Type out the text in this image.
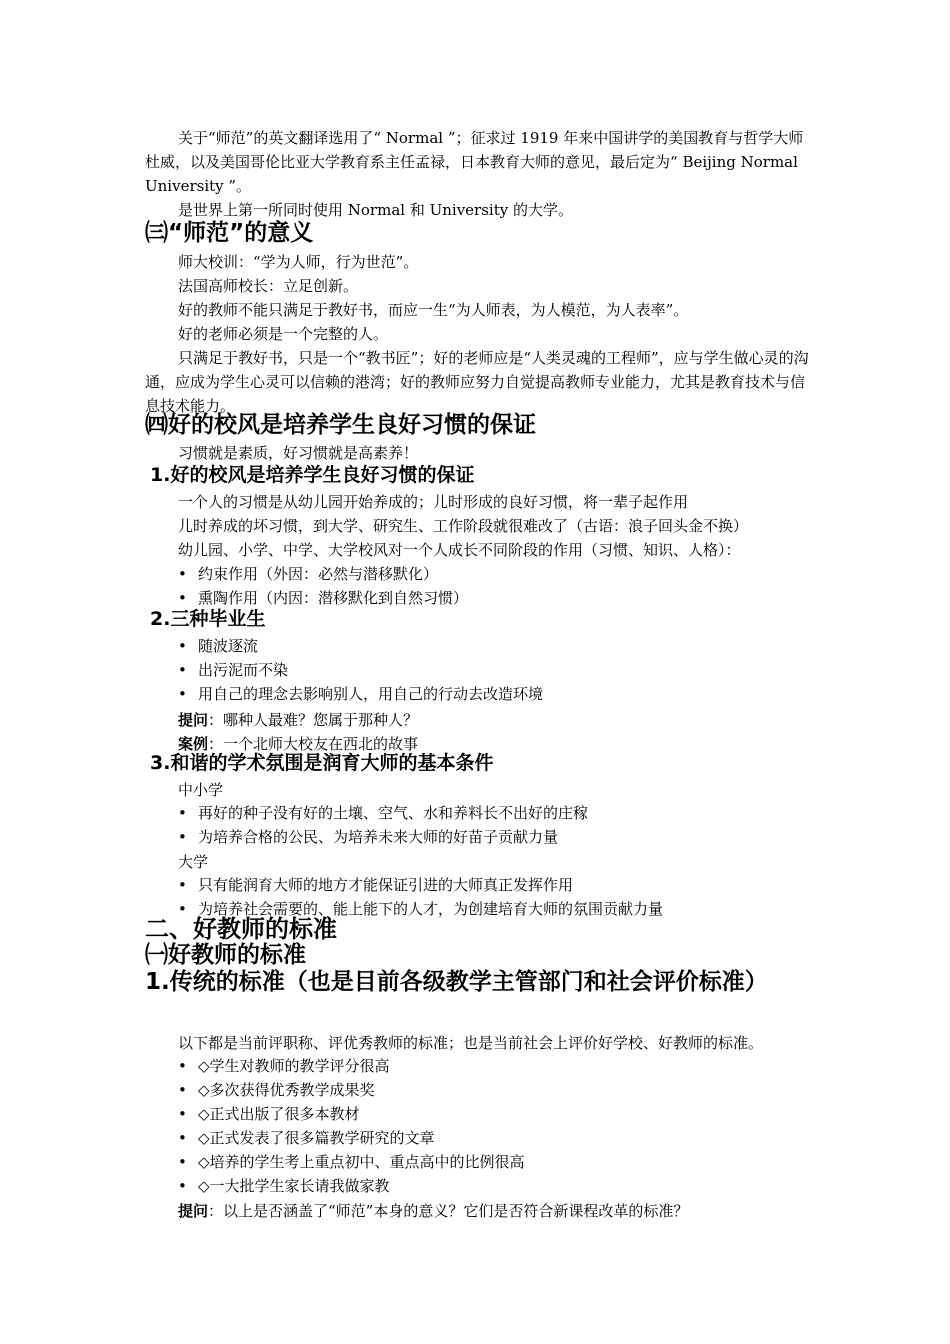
关于“师范”的英文翻译选用了“ Normal ”；征求过 1919 年来中国讲学的美国教育与哲学大师杜威，以及美国哥伦比亚大学教育系主任孟禄，日本教育大师的意见，最后定为“ Beijing Normal University ”。

是世界上第一所同时使用 Normal 和 University 的大学。

㈢“师范”的意义

师大校训：“学为人师，行为世范”。

法国高师校长：立足创新。

好的教师不能只满足于教好书，而应一生“为人师表，为人模范，为人表率”。

好的老师必须是一个完整的人。

只满足于教好书，只是一个“教书匠”；好的老师应是“人类灵魂的工程师”，应与学生做心灵的沟通，应成为学生心灵可以信赖的港湾；好的教师应努力自觉提高教师专业能力，尤其是教育技术与信息技术能力。

㈣好的校风是培养学生良好习惯的保证

习惯就是素质，好习惯就是高素养！

1.好的校风是培养学生良好习惯的保证

一个人的习惯是从幼儿园开始养成的；儿时形成的良好习惯，将一辈子起作用

儿时养成的坏习惯，到大学、研究生、工作阶段就很难改了（古语：浪子回头金不换）

幼儿园、小学、中学、大学校风对一个人成长不同阶段的作用（习惯、知识、人格）：

• 约束作用（外因：必然与潜移默化）
• 熏陶作用（内因：潜移默化到自然习惯）
2.三种毕业生
• 随波逐流
• 出污泥而不染
• 用自己的理念去影响别人，用自己的行动去改造环境

提问：哪种人最难？您属于那种人？

案例：一个北师大校友在西北的故事

3.和谐的学术氛围是润育大师的基本条件

中小学

• 再好的种子没有好的土壤、空气、水和养料长不出好的庄稼
• 为培养合格的公民、为培养未来大师的好苗子贡献力量

大学

• 只有能润育大师的地方才能保证引进的大师真正发挥作用
• 为培养社会需要的、能上能下的人才，为创建培育大师的氛围贡献力量
二、好教师的标准
㈠好教师的标准
1.传统的标准（也是目前各级教学主管部门和社会评价标准）

以下都是当前评职称、评优秀教师的标准；也是当前社会上评价好学校、好教师的标准。

• ◇学生对教师的教学评分很高
• ◇多次获得优秀教学成果奖
• ◇正式出版了很多本教材
• ◇正式发表了很多篇教学研究的文章
• ◇培养的学生考上重点初中、重点高中的比例很高
• ◇一大批学生家长请我做家教

提问：以上是否涵盖了“师范”本身的意义？它们是否符合新课程改革的标准？
